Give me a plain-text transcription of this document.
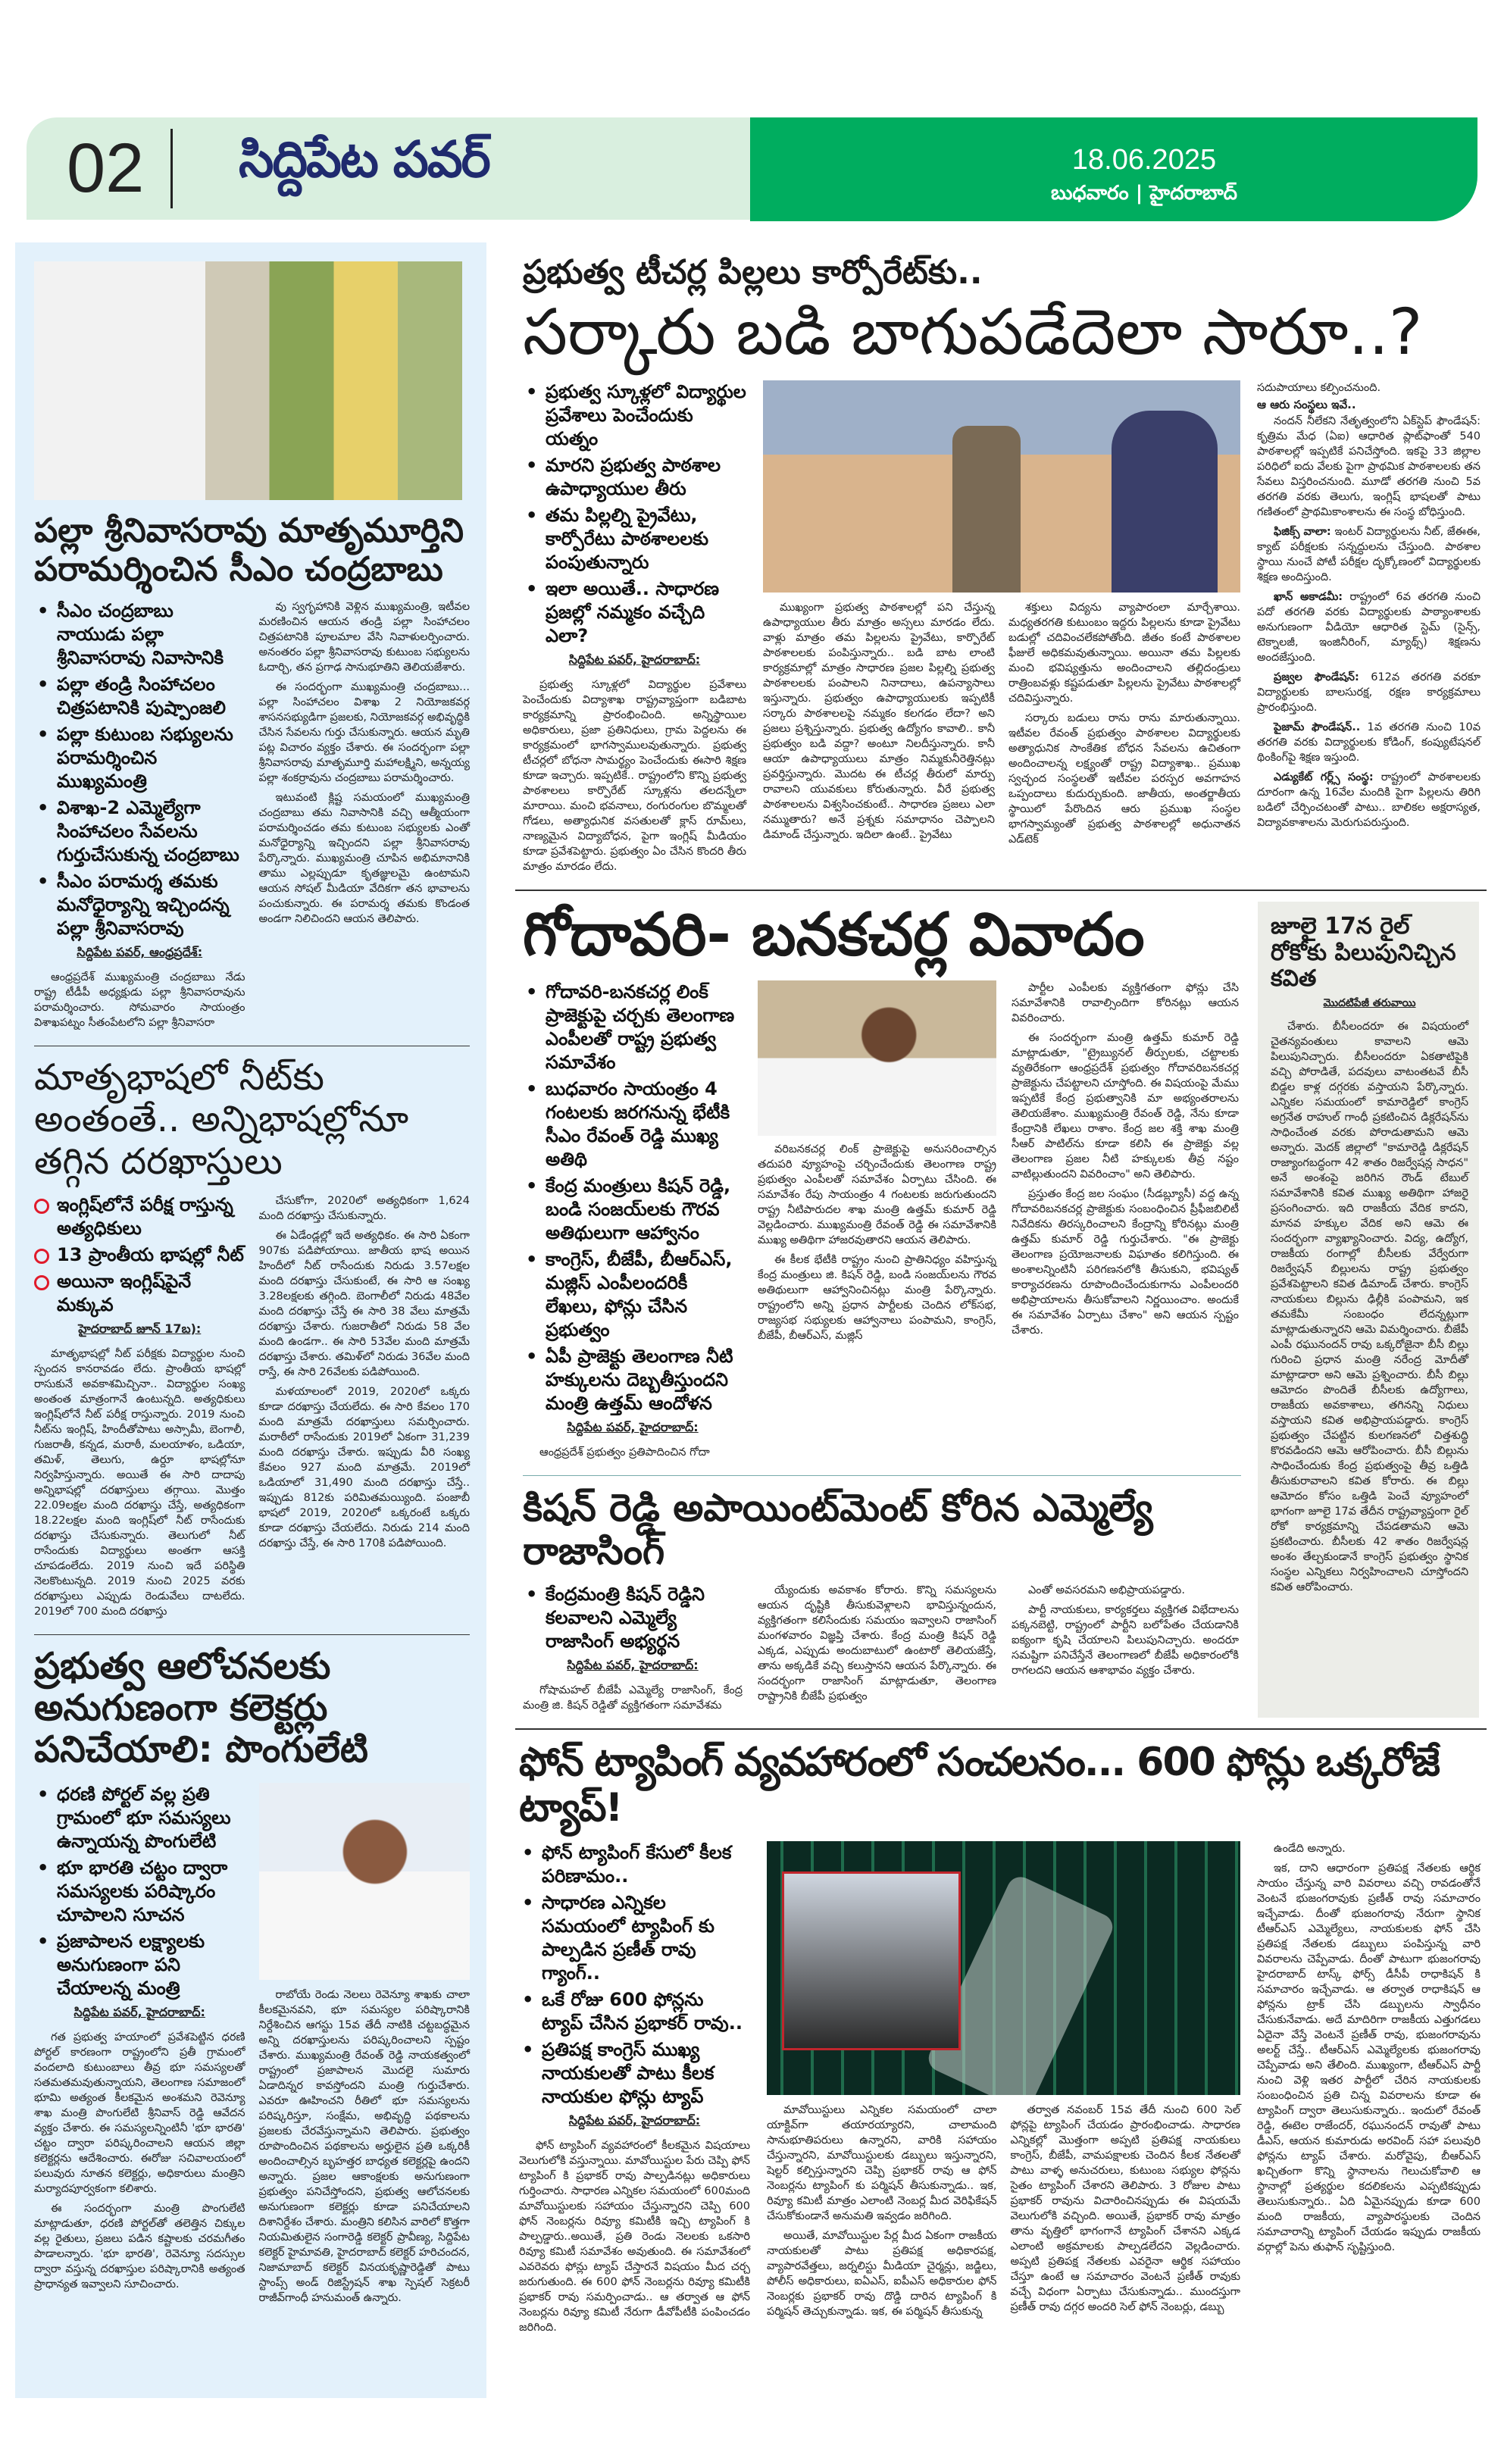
02 సిద్దిపేట పవర్	18.06.2025
బుధవారం | హైదరాబాద్
పల్లా శ్రీనివాసరావు మాతృమూర్తిని పరామర్శించిన సీఎం చంద్రబాబు
• సీఎం చంద్రబాబు నాయుడు పల్లా శ్రీనివాసరావు నివాసానికి
• పల్లా తండ్రి సింహాచలం చిత్రపటానికి పుష్పాంజలి
• పల్లా కుటుంబ సభ్యులను పరామర్శించిన ముఖ్యమంత్రి
• విశాఖ-2 ఎమ్మెల్యేగా సింహాచలం సేవలను గుర్తుచేసుకున్న చంద్రబాబు
• సీఎం పరామర్శ తమకు మనోధైర్యాన్ని ఇచ్చిందన్న పల్లా శ్రీనివాసరావు
సిద్దిపేట పవర్, ఆంధ్రప్రదేశ్:

ఆంధ్రప్రదేశ్ ముఖ్యమంత్రి చంద్రబాబు నేడు రాష్ట్ర టీడీపీ అధ్యక్షుడు పల్లా శ్రీనివాసరావును పరామర్శించారు. సోమవారం సాయంత్రం విశాఖపట్నం సీతంపేటలోని పల్లా శ్రీనివాసరా

వు స్వగృహానికి వెళ్లిన ముఖ్యమంత్రి, ఇటీవల మరణించిన ఆయన తండ్రి పల్లా సింహాచలం చిత్రపటానికి పూలమాల వేసి నివాళులర్పించారు. అనంతరం పల్లా శ్రీనివాసరావు కుటుంబ సభ్యులను ఓదార్చి, తన ప్రగాఢ సానుభూతిని తెలియజేశారు.

ఈ సందర్భంగా ముఖ్యమంత్రి చంద్రబాబు... పల్లా సింహాచలం విశాఖ 2 నియోజకవర్గ శాసనసభ్యుడిగా ప్రజలకు, నియోజకవర్గ అభివృద్ధికి చేసిన సేవలను గుర్తు చేసుకున్నారు. ఆయన మృతి పట్ల విచారం వ్యక్తం చేశారు. ఈ సందర్భంగా పల్లా శ్రీనివాసరావు మాతృమూర్తి మహాలక్ష్మిని, అన్నయ్య పల్లా శంకర్రావును చంద్రబాబు పరామర్శించారు.

ఇటువంటి క్లిష్ట సమయంలో ముఖ్యమంత్రి చంద్రబాబు తమ నివాసానికి వచ్చి ఆత్మీయంగా పరామర్శించడం తమ కుటుంబ సభ్యులకు ఎంతో మనోధైర్యాన్ని ఇచ్చిందని పల్లా శ్రీనివాసరావు పేర్కొన్నారు. ముఖ్యమంత్రి చూపిన అభిమానానికి తాము ఎల్లప్పుడూ కృతజ్ఞులమై ఉంటామని ఆయన సోషల్ మీడియా వేదికగా తన భావాలను పంచుకున్నారు. ఈ పరామర్శ తమకు కొండంత అండగా నిలిచిందని ఆయన తెలిపారు.

మాతృభాషలో నీట్‌కు అంతంతే.. అన్నిభాషల్లోనూ తగ్గిన దరఖాస్తులు
ఇంగ్లిష్‌లోనే పరీక్ష రాస్తున్న అత్యధికులు
13 ప్రాంతీయ భాషల్లో నీట్
అయినా ఇంగ్లిష్‌పైనే మక్కువ
హైదరాబాద్ జూన్ 17బ):

మాతృభాషల్లో నీట్ పరీక్షకు విద్యార్థుల నుంచి స్పందన కానరావడం లేదు. ప్రాంతీయ భాషల్లో రాసుకునే అవకాశమిచ్చినా.. విద్యార్థుల సంఖ్య అంతంత మాత్రంగానే ఉంటున్నది. అత్యధికులు ఇంగ్లిష్‌లోనే నీట్ పరీక్ష రాస్తున్నారు. 2019 నుంచి నీట్‌ను ఇంగ్లిష్, హిందీతోపాటు అస్సామీ, బెంగాలీ, గుజరాతీ, కన్నడ, మరాఠీ, మలయాళం, ఒడియా, తమిళ్, తెలుగు, ఉర్దూ భాషల్లోనూ నిర్వహిస్తున్నారు. అయితే ఈ సారి దాదాపు అన్నిభాషల్లో దరఖాస్తులు తగ్గాయి. మొత్తం 22.09లక్షల మంది దరఖాస్తు చేస్తే, అత్యధికంగా 18.22లక్షల మంది ఇంగ్లిష్‌లో నీట్ రాసేందుకు దరఖాస్తు చేసుకున్నారు. తెలుగులో నీట్ రాసేందుకు విద్యార్థులు అంతగా ఆసక్తి చూపడంలేదు. 2019 నుంచి ఇదే పరిస్థితి నెలకొంటున్నది. 2019 నుంచి 2025 వరకు దరఖాస్తులు ఎప్పుడు రెండువేలు దాటలేదు. 2019లో 700 మంది దరఖాస్తు

చేసుకోగా, 2020లో అత్యధికంగా 1,624 మంది దరఖాస్తు చేసుకున్నారు.

ఈ ఏడేండ్లల్లో ఇదే అత్యధికం. ఈ సారి ఏకంగా 907కు పడిపోయాయి. జాతీయ భాష అయిన హిందీలో నీట్ రాసేందుకు నిరుడు 3.57లక్షల మంది దరఖాస్తు చేసుకుంటే, ఈ సారి ఆ సంఖ్య 3.28లక్షలకు తగ్గింది. బెంగాలీలో నిరుడు 48వేల మంది దరఖాస్తు చేస్తే ఈ సారి 38 వేలు మాత్రమే దరఖాస్తు చేశారు. గుజరాతీలో నిరుడు 58 వేల మంది ఉండగా.. ఈ సారి 53వేల మంది మాత్రమే దరఖాస్తు చేశారు. తమిళ్‌లో నిరుడు 36వేల మంది రాస్తే, ఈ సారి 26వేలకు పడిపోయింది.

మళయాలంలో 2019, 2020లో ఒక్కరు కూడా దరఖాస్తు చేయలేదు. ఈ సారి కేవలం 170 మంది మాత్రమే దరఖాస్తులు సమర్పించారు. మరాఠీలో రాసేందుకు 2019లో ఏకంగా 31,239 మంది దరఖాస్తు చేశారు. ఇప్పుడు వీరి సంఖ్య కేవలం 927 మంది మాత్రమే. 2019లో ఒడియాలో 31,490 మంది దరఖాస్తు చేస్తే.. ఇప్పుడు 812కు పరిమితమయ్యింది. పంజాబీ భాషలో 2019, 2020లో ఒక్కరంటే ఒక్కరు కూడా దరఖాస్తు చేయలేదు. నిరుడు 214 మంది దరఖాస్తు చేస్తే, ఈ సారి 170కి పడిపోయింది.

ప్రభుత్వ ఆలోచనలకు అనుగుణంగా కలెక్టర్లు పనిచేయాలి: పొంగులేటి
• ధరణి పోర్టల్ వల్ల ప్రతి గ్రామంలో భూ సమస్యలు ఉన్నాయన్న పొంగులేటి
• భూ భారతి చట్టం ద్వారా సమస్యలకు పరిష్కారం చూపాలని సూచన
• ప్రజాపాలన లక్ష్యాలకు అనుగుణంగా పని చేయాలన్న మంత్రి
సిద్దిపేట పవర్, హైదరాబాద్:

గత ప్రభుత్వ హయాంలో ప్రవేశపెట్టిన ధరణి పోర్టల్ కారణంగా రాష్ట్రంలోని ప్రతీ గ్రామంలో వందలాది కుటుంబాలు తీవ్ర భూ సమస్యలతో సతమతమవుతున్నాయని, తెలంగాణ సమాజంలో భూమి అత్యంత కీలకమైన అంశమని రెవెన్యూ శాఖ మంత్రి పొంగులేటి శ్రీనివాస్ రెడ్డి ఆవేదన వ్యక్తం చేశారు. ఈ సమస్యలన్నింటినీ 'భూ భారతి' చట్టం ద్వారా పరిష్కరించాలని ఆయన జిల్లా కలెక్టర్లను ఆదేశించారు. ఈరోజు సచివాలయంలో పలువురు నూతన కలెక్టర్లు, అధికారులు మంత్రిని మర్యాదపూర్వకంగా కలిశారు.

ఈ సందర్భంగా మంత్రి పొంగులేటి మాట్లాడుతూ, ధరణి పోర్టల్‌తో తలెత్తిన చిక్కుల వల్ల రైతులు, ప్రజలు పడిన కష్టాలకు చరమగీతం పాడాలన్నారు. 'భూ భారతి', రెవెన్యూ సదస్సుల ద్వారా వస్తున్న దరఖాస్తుల పరిష్కారానికి అత్యంత ప్రాధాన్యత ఇవ్వాలని సూచించారు.

రాబోయే రెండు నెలలు రెవెన్యూ శాఖకు చాలా కీలకమైనవని, భూ సమస్యల పరిష్కారానికి నిర్దేశించిన ఆగస్టు 15వ తేదీ నాటికి చట్టబద్ధమైన అన్ని దరఖాస్తులను పరిష్కరించాలని స్పష్టం చేశారు. ముఖ్యమంత్రి రేవంత్ రెడ్డి నాయకత్వంలో రాష్ట్రంలో ప్రజాపాలన మొదలై సుమారు ఏడాదిన్నర కావస్తోందని మంత్రి గుర్తుచేశారు. ఎవరూ ఊహించని రీతిలో భూ సమస్యలను పరిష్కరిస్తూ, సంక్షేమ, అభివృద్ధి పథకాలను ప్రజలకు చేరవేస్తున్నామని తెలిపారు. ప్రభుత్వం రూపొందించిన పథకాలను అర్హులైన ప్రతి ఒక్కరికీ అందించాల్సిన బృహత్తర బాధ్యత కలెక్టర్లపై ఉందని అన్నారు. ప్రజల ఆకాంక్షలకు అనుగుణంగా ప్రభుత్వం పనిచేస్తోందని, ప్రభుత్వ ఆలోచనలకు అనుగుణంగా కలెక్టర్లు కూడా పనిచేయాలని దిశానిర్దేశం చేశారు. మంత్రిని కలిసిన వారిలో కొత్తగా నియమితులైన సంగారెడ్డి కలెక్టర్ ప్రావీణ్య, సిద్దిపేట కలెక్టర్ హైమావతి, హైదరాబాద్ కలెక్టర్ హరిచందన, నిజామాబాద్ కలెక్టర్ వినయకృష్ణారెడ్డితో పాటు స్టాంప్స్ అండ్ రిజిస్ట్రేషన్ శాఖ స్పెషల్ సెక్రటరీ రాజీవ్‌గాంధీ హనుమంత్ ఉన్నారు.

ప్రభుత్వ టీచర్ల పిల్లలు కార్పోరేట్‌కు..
సర్కారు బడి బాగుపడేదెలా సారూ..?
• ప్రభుత్వ స్కూళ్లలో విద్యార్థుల ప్రవేశాలు పెంచేందుకు యత్నం
• మారని ప్రభుత్వ పాఠశాల ఉపాధ్యాయుల తీరు
• తమ పిల్లల్ని ప్రైవేటు, కార్పోరేటు పాఠశాలలకు పంపుతున్నారు
• ఇలా అయితే.. సాధారణ ప్రజల్లో నమ్మకం వచ్చేది ఎలా?
సిద్దిపేట పవర్, హైదరాబాద్:

ప్రభుత్వ స్కూళ్లలో విద్యార్థుల ప్రవేశాలు పెంచేందుకు విద్యాశాఖ రాష్ట్రవ్యాప్తంగా బడిబాట కార్యక్రమాన్ని ప్రారంభించింది. అన్నిస్థాయిల అధికారులు, ప్రజా ప్రతినిధులు, గ్రామ పెద్దలను ఈ కార్యక్రమంలో భాగస్వాములవుతున్నారు. ప్రభుత్వ టీచర్లలో బోధనా సామర్థ్యం పెంచేందుకు ఈసారి శిక్షణ కూడా ఇచ్చారు. ఇప్పటికే.. రాష్ట్రంలోని కొన్ని ప్రభుత్వ పాఠశాలలు కార్పొరేట్ స్కూళ్లను తలదన్నేలా మారాయి. మంచి భవనాలు, రంగురంగుల బొమ్మలతో గోడలు, అత్యాధునిక వసతులతో క్లాస్ రూమ్‌లు, నాణ్యమైన విద్యాబోధన, పైగా ఇంగ్లిష్ మీడియం కూడా ప్రవేశపెట్టారు. ప్రభుత్వం ఏం చేసిన కొందరి తీరు మాత్రం మారడం లేదు.

ముఖ్యంగా ప్రభుత్వ పాఠశాలల్లో పని చేస్తున్న ఉపాధ్యాయుల తీరు మాత్రం అస్సలు మారడం లేదు. వాళ్లు మాత్రం తమ పిల్లలను ప్రైవేటు, కార్పొరేట్ పాఠశాలలకు పంపిస్తున్నారు.. బడి బాట లాంటి కార్యక్రమాల్లో మాత్రం సాధారణ ప్రజల పిల్లల్ని ప్రభుత్వ పాఠశాలలకు పంపాలని నినాదాలు, ఉపన్యాసాలు ఇస్తున్నారు. ప్రభుత్వం ఉపాధ్యాయులకు ఇప్పటికీ సర్కారు పాఠశాలలపై నమ్మకం కలగడం లేదా? అని ప్రజలు ప్రశ్నిస్తున్నారు. ప్రభుత్వ ఉద్యోగం కావాలి.. కానీ ప్రభుత్వం బడి వద్దా? అంటూ నిలదీస్తున్నారు. కానీ ఆయా ఉపాధ్యాయులు మాత్రం నిమ్మకునీరెత్తినట్లు ప్రవర్తిస్తున్నారు. మొదట ఈ టీచర్ల తీరులో మార్పు రావాలని యువకులు కోరుతున్నారు. వీరే ప్రభుత్వ పాఠశాలలను విశ్వసించకుంటే.. సాధారణ ప్రజలు ఎలా నమ్ముతారు? అనే ప్రశ్నకు సమాధానం చెప్పాలని డిమాండ్ చేస్తున్నారు. ఇదిలా ఉంటే.. ప్రైవేటు

శక్తులు విద్యను వ్యాపారంలా మార్చేశాయి. మధ్యతరగతి కుటుంబం ఇద్దరు పిల్లలను కూడా ప్రైవేటు బడుల్లో చదివించలేకపోతోంది. జీతం కంటే పాఠశాలల ఫీజులే అధికమవుతున్నాయి. అయినా తమ పిల్లలకు మంచి భవిష్యత్తును అందించాలని తల్లిదండ్రులు రాత్రింబవళ్లు కష్టపడుతూ పిల్లలను ప్రైవేటు పాఠశాలల్లో చదివిస్తున్నారు.

సర్కారు బడులు రాను రాను మారుతున్నాయి. ఇటీవల రేవంత్ ప్రభుత్వం పాఠశాలల విద్యార్థులకు అత్యాధునిక సాంకేతిక బోధన సేవలను ఉచితంగా అందించాలన్న లక్ష్యంతో రాష్ట్ర విద్యాశాఖ.. ప్రముఖ స్వచ్ఛంద సంస్థలతో ఇటీవల పరస్పర అవగాహన ఒప్పందాలు కుదుర్చుకుంది. జాతీయ, అంతర్జాతీయ స్థాయిలో పేరొందిన ఆరు ప్రముఖ సంస్థల భాగస్వామ్యంతో ప్రభుత్వ పాఠశాలల్లో అధునాతన ఎడ్‌టెక్

సదుపాయాలు కల్పించనుంది.
ఆ ఆరు సంస్థలు ఇవే..

నందన్ నీలేకని నేతృత్వంలోని ఏక్‌స్టెప్ ఫౌండేషన్: కృత్రిమ మేధ (ఏఐ) ఆధారిత ప్లాట్‌ఫాంతో 540 పాఠశాలల్లో ఇప్పటికే పనిచేస్తోంది. ఇకపై 33 జిల్లాల పరిధిలో ఐదు వేలకు పైగా ప్రాథమిక పాఠశాలలకు తన సేవలు విస్తరించనుంది. మూడో తరగతి నుంచి 5వ తరగతి వరకు తెలుగు, ఇంగ్లిష్ భాషలతో పాటు గణితంలో ప్రాథమికాంశాలను ఈ సంస్థ బోధిస్తుంది.

ఫిజిక్స్ వాలా: ఇంటర్ విద్యార్థులను నీట్, జేఈఈ, క్యాట్ పరీక్షలకు సన్నద్ధులను చేస్తుంది. పాఠశాల స్థాయి నుంచే పోటీ పరీక్షల దృక్కోణంలో విద్యార్థులకు శిక్షణ అందిస్తుంది.

ఖాన్ అకాడమీ: రాష్ట్రంలో 6వ తరగతి నుంచి పదో తరగతి వరకు విద్యార్థులకు పాఠ్యాంశాలకు అనుగుణంగా వీడియో ఆధారిత స్టెమ్ (సైన్స్, టెక్నాలజీ, ఇంజినీరింగ్, మ్యాథ్స్) శిక్షణను అందజేస్తుంది.

ప్రజ్వల ఫౌండేషన్: 612వ తరగతి వరకూ విద్యార్థులకు బాలసురక్ష, రక్షణ కార్యక్రమాలు ప్రారంభిస్తుంది.

పైజామ్ ఫౌండేషన్.. 1వ తరగతి నుంచి 10వ తరగతి వరకు విద్యార్థులకు కోడింగ్, కంప్యుటేషనల్ థింకింగ్‌పై శిక్షణ ఇస్తుంది.

ఎడ్యుకేట్ గర్ల్స్ సంస్థ: రాష్ట్రంలో పాఠశాలలకు దూరంగా ఉన్న 16వేల మందికి పైగా పిల్లలను తిరిగి బడిలో చేర్పించటంతో పాటు.. బాలికల అక్షరాస్యత, విద్యావకాశాలను మెరుగుపరుస్తుంది.

గోదావరి- బనకచర్ల వివాదం
• గోదావరి-బనకచర్ల లింక్ ప్రాజెక్టుపై చర్చకు తెలంగాణ ఎంపీలతో రాష్ట్ర ప్రభుత్వ సమావేశం
• బుధవారం సాయంత్రం 4 గంటలకు జరగనున్న భేటీకి సీఎం రేవంత్ రెడ్డి ముఖ్య అతిథి
• కేంద్ర మంత్రులు కిషన్ రెడ్డి, బండి సంజయ్‌లకు గౌరవ అతిథులుగా ఆహ్వానం
• కాంగ్రెస్, బీజేపీ, బీఆర్ఎస్, మజ్లిస్ ఎంపీలందరికీ లేఖలు, ఫోన్లు చేసిన ప్రభుత్వం
• ఏపీ ప్రాజెక్టు తెలంగాణ నీటి హక్కులను దెబ్బతీస్తుందని మంత్రి ఉత్తమ్ ఆందోళన
సిద్దిపేట పవర్, హైదరాబాద్:

ఆంధ్రప్రదేశ్ ప్రభుత్వం ప్రతిపాదించిన గోదా

వరిబనకచర్ల లింక్ ప్రాజెక్టుపై అనుసరించాల్సిన తదుపరి వ్యూహంపై చర్చించేందుకు తెలంగాణ రాష్ట్ర ప్రభుత్వం ఎంపీలతో సమావేశం ఏర్పాటు చేసింది. ఈ సమావేశం రేపు సాయంత్రం 4 గంటలకు జరుగుతుందని రాష్ట్ర నీటిపారుదల శాఖ మంత్రి ఉత్తమ్ కుమార్ రెడ్డి వెల్లడించారు. ముఖ్యమంత్రి రేవంత్ రెడ్డి ఈ సమావేశానికి ముఖ్య అతిథిగా హాజరవుతారని ఆయన తెలిపారు.

ఈ కీలక భేటీకి రాష్ట్రం నుంచి ప్రాతినిధ్యం వహిస్తున్న కేంద్ర మంత్రులు జి. కిషన్ రెడ్డి, బండి సంజయ్‌లను గౌరవ అతిథులుగా ఆహ్వానించినట్లు మంత్రి పేర్కొన్నారు. రాష్ట్రంలోని అన్ని ప్రధాన పార్టీలకు చెందిన లోక్‌సభ, రాజ్యసభ సభ్యులకు ఆహ్వానాలు పంపామని, కాంగ్రెస్, బీజేపీ, బీఆర్ఎస్, మజ్లిస్

పార్టీల ఎంపీలకు వ్యక్తిగతంగా ఫోన్లు చేసి సమావేశానికి రావాల్సిందిగా కోరినట్లు ఆయన వివరించారు.

ఈ సందర్భంగా మంత్రి ఉత్తమ్ కుమార్ రెడ్డి మాట్లాడుతూ, "ట్రైబ్యునల్ తీర్పులకు, చట్టాలకు వ్యతిరేకంగా ఆంధ్రప్రదేశ్ ప్రభుత్వం గోదావరిబనకచర్ల ప్రాజెక్టును చేపట్టాలని చూస్తోంది. ఈ విషయంపై మేము ఇప్పటికే కేంద్ర ప్రభుత్వానికి మా అభ్యంతరాలను తెలియజేశాం. ముఖ్యమంత్రి రేవంత్ రెడ్డి, నేను కూడా కేంద్రానికి లేఖలు రాశాం. కేంద్ర జల శక్తి శాఖ మంత్రి సీఆర్ పాటిల్‌ను కూడా కలిసి ఈ ప్రాజెక్టు వల్ల తెలంగాణ ప్రజల నీటి హక్కులకు తీవ్ర నష్టం వాటిల్లుతుందని వివరించాం" అని తెలిపారు.

ప్రస్తుతం కేంద్ర జల సంఘం (సీడబ్ల్యూసీ) వద్ద ఉన్న గోదావరిబనకచర్ల ప్రాజెక్టుకు సంబంధించిన ప్రీఫీజబిలిటీ నివేదికను తిరస్కరించాలని కేంద్రాన్ని కోరినట్లు మంత్రి ఉత్తమ్ కుమార్ రెడ్డి గుర్తుచేశారు. "ఈ ప్రాజెక్టు తెలంగాణ ప్రయోజనాలకు విఘాతం కలిగిస్తుంది. ఈ అంశాలన్నింటినీ పరిగణనలోకి తీసుకుని, భవిష్యత్ కార్యాచరణను రూపొందించేందుకుగాను ఎంపీలందరి అభిప్రాయాలను తీసుకోవాలని నిర్ణయించాం. అందుకే ఈ సమావేశం ఏర్పాటు చేశాం" అని ఆయన స్పష్టం చేశారు.

కిషన్ రెడ్డి అపాయింట్‌మెంట్ కోరిన ఎమ్మెల్యే రాజాసింగ్
• కేంద్రమంత్రి కిషన్ రెడ్డిని కలవాలని ఎమ్మెల్యే రాజాసింగ్ అభ్యర్థన
సిద్దిపేట పవర్, హైదరాబాద్:

గోషామహల్ బీజేపీ ఎమ్మెల్యే రాజాసింగ్, కేంద్ర మంత్రి జి. కిషన్ రెడ్డితో వ్యక్తిగతంగా సమావేశమ

య్యేందుకు అవకాశం కోరారు. కొన్ని సమస్యలను ఆయన దృష్టికి తీసుకువెళ్లాలని భావిస్తున్నందున, వ్యక్తిగతంగా కలిసేందుకు సమయం ఇవ్వాలని రాజాసింగ్ మంగళవారం విజ్ఞప్తి చేశారు. కేంద్ర మంత్రి కిషన్ రెడ్డి ఎక్కడ, ఎప్పుడు అందుబాటులో ఉంటారో తెలియజేస్తే, తాను అక్కడికే వచ్చి కలుస్తానని ఆయన పేర్కొన్నారు. ఈ సందర్భంగా రాజాసింగ్ మాట్లాడుతూ, తెలంగాణ రాష్ట్రానికి బీజేపీ ప్రభుత్వం

ఎంతో అవసరమని అభిప్రాయపడ్డారు.

పార్టీ నాయకులు, కార్యకర్తలు వ్యక్తిగత విభేదాలను పక్కనబెట్టి, రాష్ట్రంలో పార్టీని బలోపేతం చేయడానికి ఐక్యంగా కృషి చేయాలని పిలుపునిచ్చారు. అందరూ సమష్టిగా పనిచేస్తేనే తెలంగాణలో బీజేపీ అధికారంలోకి రాగలదని ఆయన ఆశాభావం వ్యక్తం చేశారు.

జూలై 17న రైల్ రోకోకు పిలుపునిచ్చిన కవిత
మొదటిపేజీ తరువాయి

చేశారు. బీసీలందరూ ఈ విషయంలో చైతన్యవంతులు కావాలని ఆమె పిలుపునిచ్చారు. బీసీలందరూ ఏకతాటిపైకి వచ్చి పోరాడితే, పదవులు వాటంతటవే బీసీ బిడ్డల కాళ్ల దగ్గరకు వస్తాయని పేర్కొన్నారు. ఎన్నికల సమయంలో కామారెడ్డిలో కాంగ్రెస్ అగ్రనేత రాహుల్ గాంధీ ప్రకటించిన డిక్లరేషన్‌ను సాధించేంత వరకు పోరాడుతామని ఆమె అన్నారు. మెదక్ జిల్లాలో "కామారెడ్డి డిక్లరేషన్ రాజ్యాంగబద్ధంగా 42 శాతం రిజర్వేషన్ల సాధన" అనే అంశంపై జరిగిన రౌండ్ టేబుల్ సమావేశానికి కవిత ముఖ్య అతిథిగా హాజరై ప్రసంగించారు. ఇది రాజకీయ వేదిక కాదని, మానవ హక్కుల వేదిక అని ఆమె ఈ సందర్భంగా వ్యాఖ్యానించారు. విద్య, ఉద్యోగ, రాజకీయ రంగాల్లో బీసీలకు వేర్వేరుగా రిజర్వేషన్ బిల్లులను రాష్ట్ర ప్రభుత్వం ప్రవేశపెట్టాలని కవిత డిమాండ్ చేశారు. కాంగ్రెస్ నాయకులు బిల్లును ఢిల్లీకి పంపామని, ఇక తమకేమీ సంబంధం లేదన్నట్లుగా మాట్లాడుతున్నారని ఆమె విమర్శించారు. బీజేపీ ఎంపీ రఘునందన్ రావు ఒక్కరోజైనా బీసీ బిల్లు గురించి ప్రధాన మంత్రి నరేంద్ర మోదీతో మాట్లాడారా అని ఆమె ప్రశ్నించారు. బీసీ బిల్లు ఆమోదం పొందితే బీసీలకు ఉద్యోగాలు, రాజకీయ అవకాశాలు, తగినన్ని నిధులు వస్తాయని కవిత అభిప్రాయపడ్డారు. కాంగ్రెస్ ప్రభుత్వం చేపట్టిన కులగణనలో చిత్తశుద్ధి కొరవడిందని ఆమె ఆరోపించారు. బీసీ బిల్లును సాధించేందుకు కేంద్ర ప్రభుత్వంపై తీవ్ర ఒత్తిడి తీసుకురావాలని కవిత కోరారు. ఈ బిల్లు ఆమోదం కోసం ఒత్తిడి పెంచే వ్యూహంలో భాగంగా జూలై 17వ తేదీన రాష్ట్రవ్యాప్తంగా రైల్ రోకో కార్యక్రమాన్ని చేపడతామని ఆమె ప్రకటించారు. బీసీలకు 42 శాతం రిజర్వేషన్ల అంశం తేల్చకుండానే కాంగ్రెస్ ప్రభుత్వం స్థానిక సంస్థల ఎన్నికలు నిర్వహించాలని చూస్తోందని కవిత ఆరోపించారు.

ఫోన్ ట్యాపింగ్ వ్యవహారంలో సంచలనం... 600 ఫోన్లు ఒక్కరోజే ట్యాప్!
• ఫోన్ ట్యాపింగ్ కేసులో కీలక పరిణామం..
• సాధారణ ఎన్నికల సమయంలో ట్యాపింగ్ కు పాల్పడిన ప్రణీత్ రావు గ్యాంగ్..
• ఒకే రోజు 600 ఫోన్లను ట్యాప్ చేసిన ప్రభాకర్ రావు..
• ప్రతిపక్ష కాంగ్రెస్ ముఖ్య నాయకులతో పాటు కీలక నాయకుల ఫోన్లు ట్యాప్
సిద్దిపేట పవర్, హైదరాబాద్:

ఫోన్ ట్యాపింగ్ వ్యవహారంలో కీలకమైన విషయాలు వెలుగులోకి వస్తున్నాయి. మావోయిస్టుల పేరు చెప్పి ఫోన్ ట్యాపింగ్ కి ప్రభాకర్ రావు పాల్పడినట్లు అధికారులు గుర్తించారు. సాధారణ ఎన్నికల సమయంలో 600మంది మావోయిస్టులకు సహాయం చేస్తున్నారని చెప్పి 600 ఫోన్ నెంబర్లను రివ్యూ కమిటీకి ఇచ్చి ట్యాపింగ్ కి పాల్పడ్డారు..అయితే, ప్రతి రెండు నెలలకు ఒకసారి రివ్యూ కమిటీ సమావేశం అవుతుంది. ఈ సమావేశంలో ఎవరెవరు ఫోన్లు ట్యాప్ చేస్తారనే విషయం మీద చర్చ జరుగుతుంది. ఈ 600 ఫోన్ నెంబర్లను రివ్యూ కమిటీకి ప్రభాకర్ రావు సమర్పించాడు.. ఆ తర్వాత ఆ ఫోన్ నెంబర్లను రివ్యూ కమిటీ నేరుగా డీవోపీటీకి పంపించడం జరిగింది.

మావోయిస్టులు ఎన్నికల సమయంలో చాలా యాక్టివ్‌గా తయారయ్యారని, చాలామంది సానుభూతిపరులు ఉన్నారని, వారికి సహాయం చేస్తున్నారని, మావోయిస్టులకు డబ్బులు ఇస్తున్నారని, షెల్టర్ కల్పిస్తున్నారని చెప్పి ప్రభాకర్ రావు ఆ ఫోన్ నెంబర్లను ట్యాపింగ్ కు పర్మిషన్ తీసుకున్నాడు.. ఇక, రివ్యూ కమిటీ మాత్రం ఎలాంటి నెంబర్ల మీద వెరిఫికేషన్ చేసుకోకుండానే అనుమతి ఇవ్వడం జరిగింది.

అయితే, మావోయిస్టుల పేర్ల మీద ఏకంగా రాజకీయ నాయకులతో పాటు ప్రతిపక్ష అధికారపక్ష, వ్యాపారవేత్తలు, జర్నలిస్టు మీడియా చైర్మన్లు, జడ్జిలు, పోలీస్ అధికారులు, ఐఏఎస్, ఐపీఎస్ అధికారుల ఫోన్ నెంబర్లకు ప్రభాకర్ రావు దొడ్డి దారిన ట్యాపింగ్ కి పర్మిషన్ తెచ్చుకున్నాడు. ఇక, ఈ పర్మిషన్ తీసుకున్న

తర్వాత నవంబర్ 15వ తేదీ నుంచి 600 సెల్ ఫోన్లపై ట్యాపింగ్ చేయడం ప్రారంభించాడు. సాధారణ ఎన్నికల్లో మొత్తంగా అప్పటి ప్రతిపక్ష నాయకులు కాంగ్రెస్, బీజేపీ, వామపక్షాలకు చెందిన కీలక నేతలతో పాటు వాళ్ళ అనుచరులు, కుటుంబ సభ్యుల ఫోన్లను సైతం ట్యాపింగ్ చేశారని తెలిపారు. 3 రోజుల పాటు ప్రభాకర్ రావును విచారించినప్పుడు ఈ విషయమే వెలుగులోకి వచ్చింది. అయితే, ప్రభాకర్ రావు మాత్రం తాను వృత్తిలో భాగంగానే ట్యాపింగ్ చేశానని ఎక్కడ ఎలాంటి అక్రమాలకు పాల్పడలేదని వెల్లడించారు. అప్పటి ప్రతిపక్ష నేతలకు ఎవరైనా ఆర్థిక సహాయం చేస్తూ ఉంటే ఆ సమాచారం వెంటనే ప్రణీత్ రావుకు వచ్చే విధంగా ఏర్పాటు చేసుకున్నాడు.. ముందస్తుగా ప్రణీత్ రావు దగ్గర అందరి సెల్ ఫోన్ నెంబర్లు, డబ్బు

ఉండేది అన్నారు.

ఇక, దాని ఆధారంగా ప్రతిపక్ష నేతలకు ఆర్థిక సాయం చేస్తున్న వారి వివరాలు వచ్చి రావడంతోనే వెంటనే భుజంగరావుకు ప్రణీత్ రావు సమాచారం ఇచ్చేవాడు. దీంతో భుజంగరావు నేరుగా స్థానిక టీఆర్ఎస్ ఎమ్మెల్యేలు, నాయకులకు ఫోన్ చేసి ప్రతిపక్ష నేతలకు డబ్బులు పంపిస్తున్న వారి వివరాలను చెప్పేవాడు. దీంతో పాటుగా భుజంగరావు హైదరాబాద్ టాస్క్ ఫోర్స్ డీసీపీ రాధాకిషన్ కి సమాచారం ఇచ్చేవాడు. ఆ తర్వాత రాధాకిషన్ ఆ ఫోన్లను ట్రాక్ చేసి డబ్బులను స్వాధీనం చేసుకునేవాడు. అదే మాదిరిగా రాజకీయ ఎత్తుగడలు ఏదైనా వేస్తే వెంటనే ప్రణీత్ రావు, భుజంగరావును అలర్ట్ చేస్తే.. టీఆర్ఎస్ ఎమ్మెల్యేలకు భుజంగరావు చెప్పేవాడు అని తేలింది. ముఖ్యంగా, టీఆర్ఎస్ పార్టీ నుంచి వెళ్లి ఇతర పార్టీలో చేరిన నాయకులకు సంబంధించిన ప్రతి చిన్న వివరాలను కూడా ఈ ట్యాపింగ్ ద్వారా తెలుసుకున్నారు.. ఇందులో రేవంత్ రెడ్డి, ఈటెల రాజేందర్, రఘునందన్ రావుతో పాటు డీఎస్, ఆయన కుమారుడు అరవింద్ సహా పలువురి ఫోన్లను ట్యాప్ చేశారు. మరోవైపు, బీఆర్ఎస్ ఖచ్చితంగా కొన్ని స్థానాలను గెలుచుకోవాలి ఆ స్థానాల్లో ప్రత్యర్థుల కదలికలను ఎప్పటికప్పుడు తెలుసుకున్నారు.. ఏది ఏమైనప్పుడు కూడా 600 మంది రాజకీయ, వ్యాపారస్థులకు చెందిన సమాచారాన్ని ట్యాపింగ్ చేయడం ఇప్పుడు రాజకీయ వర్గాల్లో పెను తుఫాన్ సృష్టిస్తుంది.
